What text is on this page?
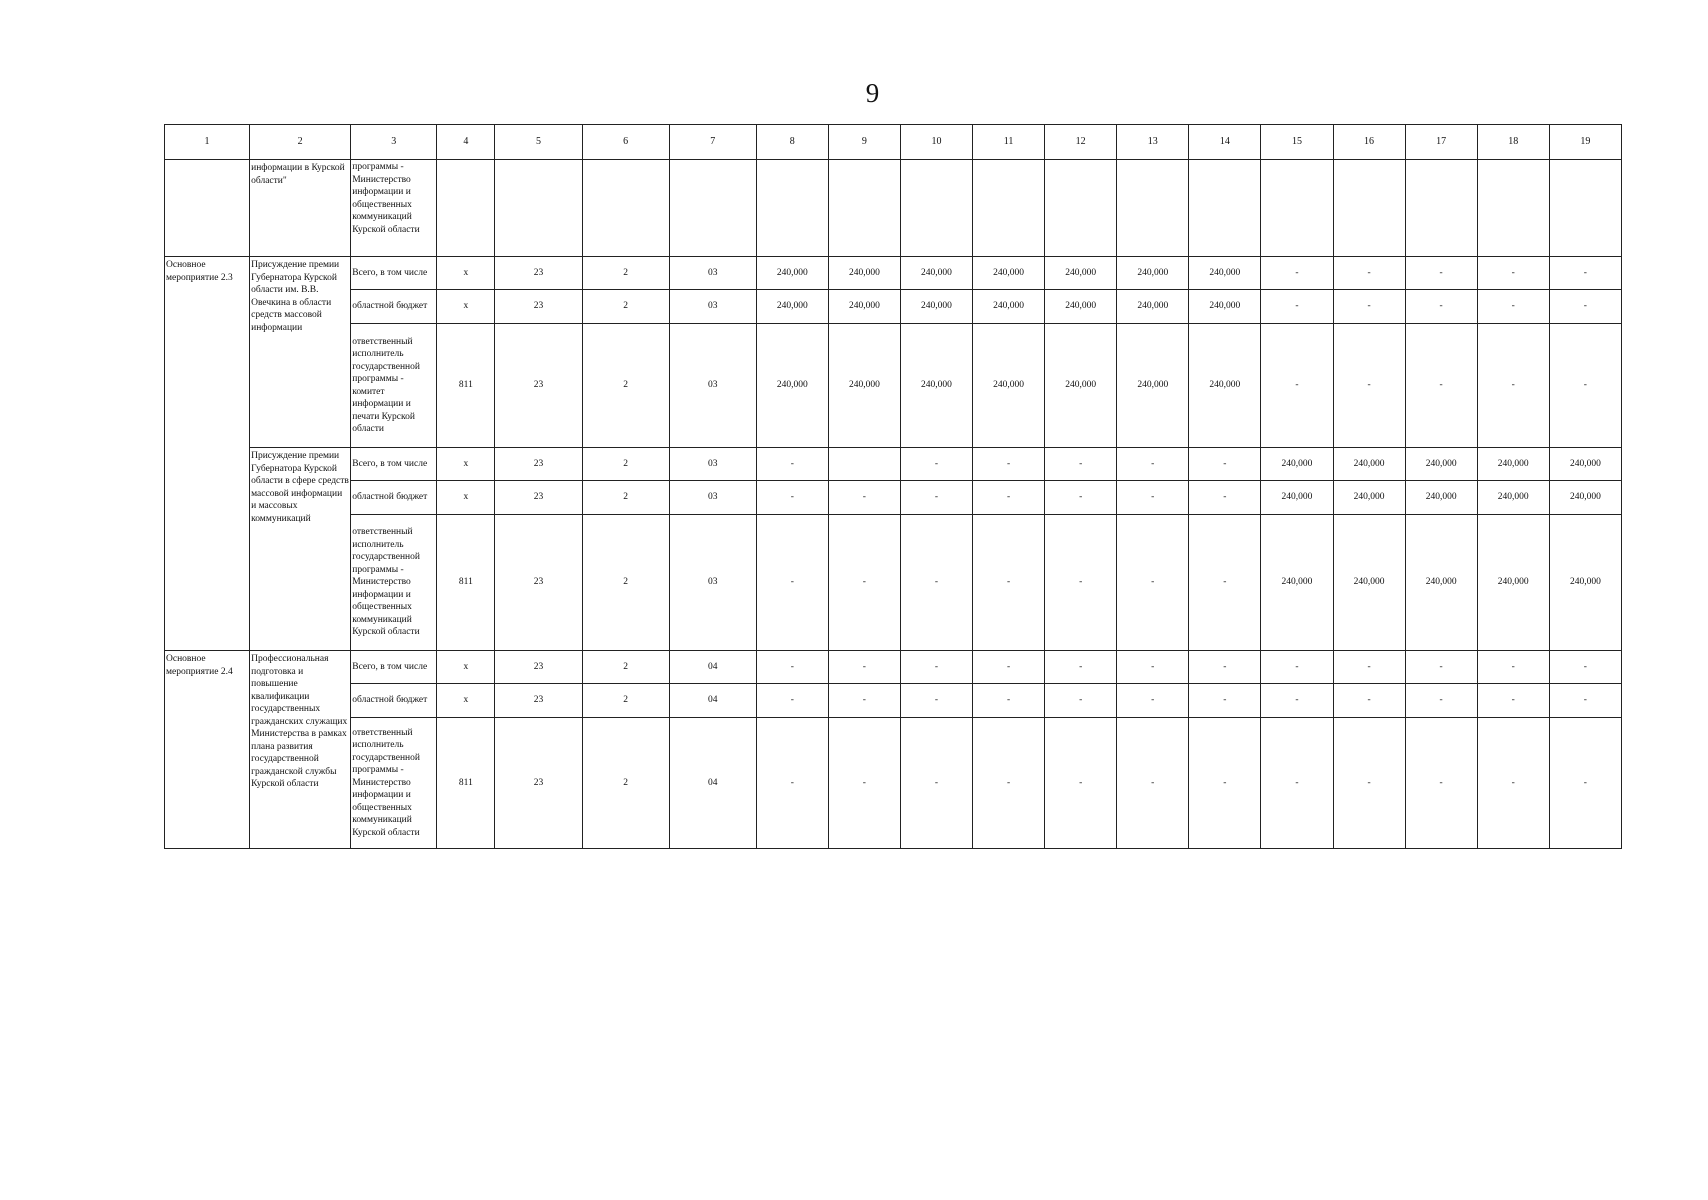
9
1	2	3	4	5	6	7	8	9	10	11	12	13	14	15	16	17	18	19
	информации в Курской области"	программы - Министерство информации и общественных коммуникаций Курской области																
Основное мероприятие 2.3	Присуждение премии Губернатора Курской области им. В.В. Овечкина в области средств массовой информации	Всего, в том числе	х	23	2	03	240,000	240,000	240,000	240,000	240,000	240,000	240,000	-	-	-	-	-
		областной бюджет	х	23	2	03	240,000	240,000	240,000	240,000	240,000	240,000	240,000	-	-	-	-	-
		ответственный исполнитель государственной программы - комитет информации и печати Курской области	811	23	2	03	240,000	240,000	240,000	240,000	240,000	240,000	240,000	-	-	-	-	-
	Присуждение премии Губернатора Курской области в сфере средств массовой информации и массовых коммуникаций	Всего, в том числе	х	23	2	03	-		-	-	-	-	-	240,000	240,000	240,000	240,000	240,000
		областной бюджет	х	23	2	03	-	-	-	-	-	-	-	240,000	240,000	240,000	240,000	240,000
		ответственный исполнитель государственной программы - Министерство информации и общественных коммуникаций Курской области	811	23	2	03	-	-	-	-	-	-	-	240,000	240,000	240,000	240,000	240,000
Основное мероприятие 2.4	Профессиональная подготовка и повышение квалификации государственных гражданских служащих Министерства в рамках плана развития государственной гражданской службы Курской области	Всего, в том числе	х	23	2	04	-	-	-	-	-	-	-	-	-	-	-	-
		областной бюджет	х	23	2	04	-	-	-	-	-	-	-	-	-	-	-	-
		ответственный исполнитель государственной программы - Министерство информации и общественных коммуникаций Курской области	811	23	2	04	-	-	-	-	-	-	-	-	-	-	-	-
